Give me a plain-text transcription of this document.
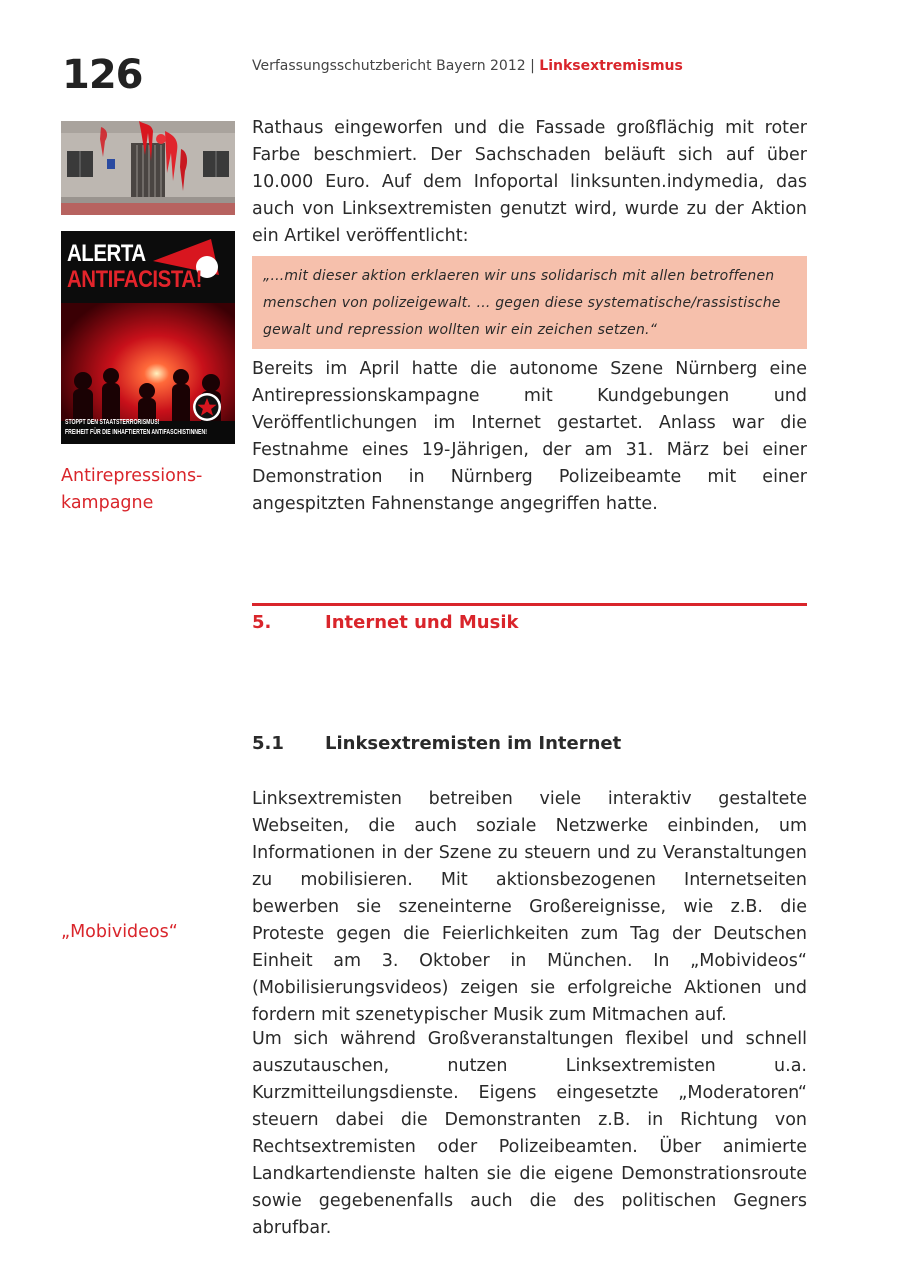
126	Verfassungsschutzbericht Bayern 2012 | Linksextremismus
ALERTA
ANTIFACISTA!
STOPPT DEN STAATSTERRORISMUS!
FREIHEIT FÜR DIE INHAFTIERTEN ANTIFASCHISTINNEN!
Antirepressions-
kampagne
„Mobivideos“

Rathaus eingeworfen und die Fassade großflächig mit roter Farbe beschmiert. Der Sachschaden beläuft sich auf über 10.000 Euro. Auf dem Infoportal linksunten.indymedia, das auch von Linksextremisten genutzt wird, wurde zu der Aktion ein Artikel veröffentlicht:

„...mit dieser aktion erklaeren wir uns solidarisch mit allen betroffenen menschen von polizeigewalt. ... gegen diese systematische/rassistische gewalt und repression wollten wir ein zeichen setzen.“

Bereits im April hatte die autonome Szene Nürnberg eine Antirepressionskampagne mit Kundgebungen und Veröffentlichungen im Internet gestartet. Anlass war die Festnahme eines 19-Jährigen, der am 31. März bei einer Demonstration in Nürnberg Polizeibeamte mit einer angespitzten Fahnenstange angegriffen hatte.

5.	Internet und Musik
5.1 Linksextremisten im Internet

Linksextremisten betreiben viele interaktiv gestaltete Webseiten, die auch soziale Netzwerke einbinden, um Informationen in der Szene zu steuern und zu Veranstaltungen zu mobilisieren. Mit aktionsbezogenen Internetseiten bewerben sie szeneinterne Großereignisse, wie z.B. die Proteste gegen die Feierlichkeiten zum Tag der Deutschen Einheit am 3. Oktober in München. In „Mobivideos“ (Mobilisierungsvideos) zeigen sie erfolgreiche Aktionen und fordern mit szenetypischer Musik zum Mitmachen auf.

Um sich während Großveranstaltungen flexibel und schnell auszutauschen, nutzen Linksextremisten u.a. Kurzmitteilungsdienste. Eigens eingesetzte „Moderatoren“ steuern dabei die Demonstranten z.B. in Richtung von Rechtsextremisten oder Polizeibeamten. Über animierte Landkartendienste halten sie die eigene Demonstrationsroute sowie gegebenenfalls auch die des politischen Gegners abrufbar.
